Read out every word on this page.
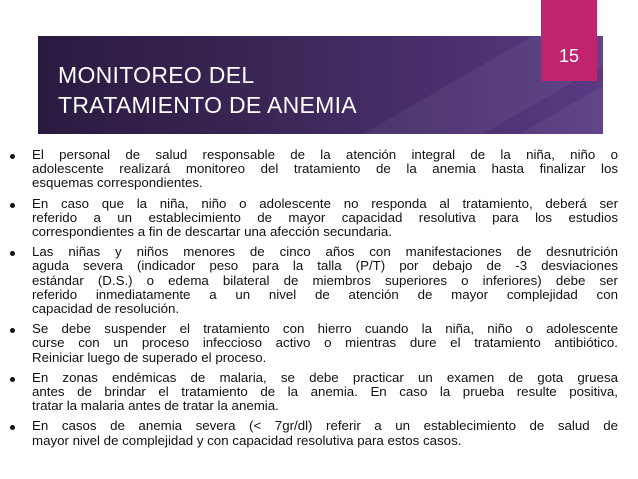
MONITOREO DEL
TRATAMIENTO DE ANEMIA
15
El personal de salud responsable de la atención integral de la niña, niño o
adolescente realizará monitoreo del tratamiento de la anemia hasta finalizar los
esquemas correspondientes.
En caso que la niña, niño o adolescente no responda al tratamiento, deberá ser
referido a un establecimiento de mayor capacidad resolutiva para los estudios
correspondientes a fin de descartar una afección secundaria.
Las niñas y niños menores de cinco años con manifestaciones de desnutrición
aguda severa (indicador peso para la talla (P/T) por debajo de -3 desviaciones
estándar (D.S.) o edema bilateral de miembros superiores o inferiores) debe ser
referido inmediatamente a un nivel de atención de mayor complejidad con
capacidad de resolución.
Se debe suspender el tratamiento con hierro cuando la niña, niño o adolescente
curse con un proceso infeccioso activo o mientras dure el tratamiento antibiótico.
Reiniciar luego de superado el proceso.
En zonas endémicas de malaria, se debe practicar un examen de gota gruesa
antes de brindar el tratamiento de la anemia. En caso la prueba resulte positiva,
tratar la malaria antes de tratar la anemia.
En casos de anemia severa (< 7gr/dl) referir a un establecimiento de salud de
mayor nivel de complejidad y con capacidad resolutiva para estos casos.
